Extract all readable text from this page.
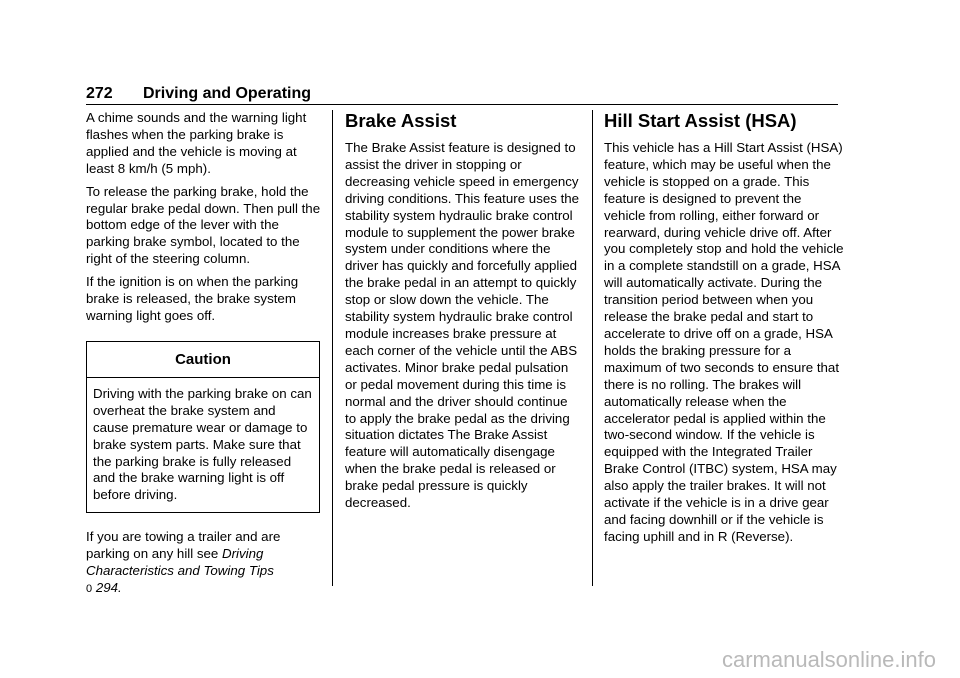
272 Driving and Operating

A chime sounds and the warning light flashes when the parking brake is applied and the vehicle is moving at least 8 km/h (5 mph).

To release the parking brake, hold the regular brake pedal down. Then pull the bottom edge of the lever with the parking brake symbol, located to the right of the steering column.

If the ignition is on when the parking brake is released, the brake system warning light goes off.

Caution
Driving with the parking brake on can overheat the brake system and cause premature wear or damage to brake system parts. Make sure that the parking brake is fully released and the brake warning light is off before driving.

If you are towing a trailer and are parking on any hill see Driving Characteristics and Towing Tips
0 294.

Brake Assist

The Brake Assist feature is designed to assist the driver in stopping or decreasing vehicle speed in emergency driving conditions. This feature uses the stability system hydraulic brake control module to supplement the power brake system under conditions where the driver has quickly and forcefully applied the brake pedal in an attempt to quickly stop or slow down the vehicle. The stability system hydraulic brake control module increases brake pressure at each corner of the vehicle until the ABS activates. Minor brake pedal pulsation or pedal movement during this time is normal and the driver should continue to apply the brake pedal as the driving situation dictates The Brake Assist feature will automatically disengage when the brake pedal is released or brake pedal pressure is quickly decreased.

Hill Start Assist (HSA)

This vehicle has a Hill Start Assist (HSA) feature, which may be useful when the vehicle is stopped on a grade. This feature is designed to prevent the vehicle from rolling, either forward or rearward, during vehicle drive off. After you completely stop and hold the vehicle in a complete standstill on a grade, HSA will automatically activate. During the transition period between when you release the brake pedal and start to accelerate to drive off on a grade, HSA holds the braking pressure for a maximum of two seconds to ensure that there is no rolling. The brakes will automatically release when the accelerator pedal is applied within the two-second window. If the vehicle is equipped with the Integrated Trailer Brake Control (ITBC) system, HSA may also apply the trailer brakes. It will not activate if the vehicle is in a drive gear and facing downhill or if the vehicle is facing uphill and in R (Reverse).

carmanualsonline.info
